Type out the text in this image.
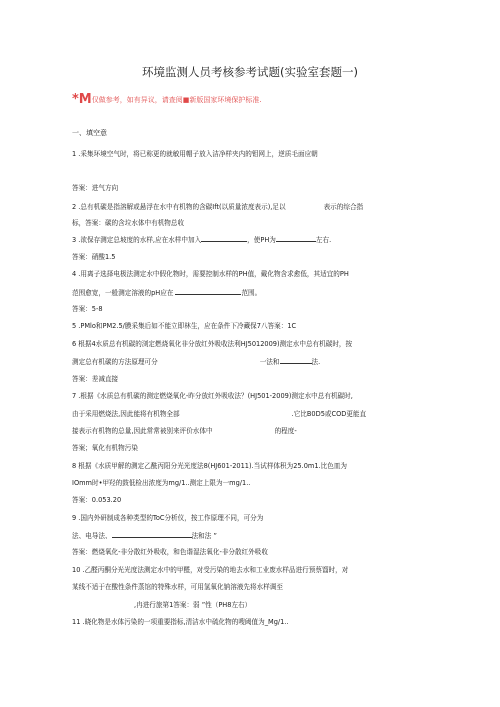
环境监测人员考核参考试题(实验室套题一)
*M仅做参考，如有异议，请查阅■新版国家环境保护标准.
一、填空意
1 .采集环境空气时，将已称更的就敏用帽子放入洁净样夹内的钼网上，逆质毛面应朝
答案：进气方向
2 .总有机碳是指溶解或悬浮在水中有机物的含碳Ift(以质量浓度表示),足以	表示的综合指
标，答案：碳的含垃水体中有机物总收
3 .欲保存测定总坡度的水样,应在水样中加入	，使PH为	左右.
答案：硝酸1.5
4 .用离子选择电极法测定水中假化物时，需要控制水样的PH值，戴化物含求愈低，其适宜的PH
范围愈宽，一般测定溶液的pH应在	范围。
答案：5-8
5 .PMlo和PM2.5/膜采集后如不能立即林生，应在条件下冷藏保7八答案：1C
6 根据4水质总有机碳的浏定燃烧氧化非分放红外吸收法利HJ5012009)测定水中总有机碳时，按
测定总有机碳的方法原理可分	一法和	法.
答案：差减直接
7 .根据《水质总有机碳的测定燃烧氧化-昨分放红外吸收法？(HJ501-2009)测定水中总有机碳时,
由于采用燃烧法,因此能将有机物全部	.它比B0D5或COD更能直
接表示有机物的总量,因此常常被别来评价水体中	的程度-
答案；氧化有机物污染
8 根据《水质甲解的测定乙酰丙阳分光光度法8(HJ601-2011).当试样体积为25.0m1.比色皿为
IOmm时•甲羟的鼓低检出浓度为mg/1..测定上限为一mg/1..
答案：0.053.20
9 .国内外研制成各种类型的ToC分析仪，按工作原理不同，可分为
法、电导法、	法和法 ”
答案：燃烧氧化-非分散红外吸收，和色谐湿法氧化-非分散红外吸收
10 .乙醛丙酮分光光度法测定水中的甲醛，对受污染的地去水和工业废水样品进行预蔡馏时，对
某线不适于在酸性条件蒸馆的特殊水样，可用氢氧化钠溶液先将水样调至
,冉进行旅第1答案：弱 ”性（PH8左右）
11 .晓化物是水体污染的一项重要指标,清洁水中硫化物的嗖阈值为_Mg/1..
